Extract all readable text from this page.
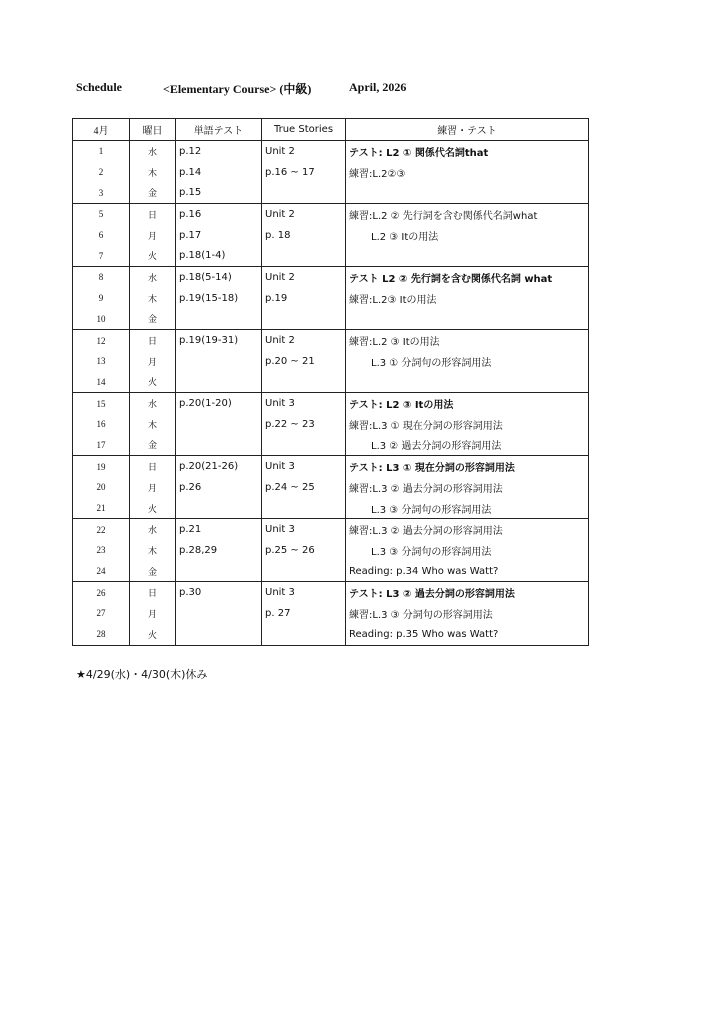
Schedule	<Elementary Course> (中級)	April, 2026
4月	曜日	単語テスト	True Stories	練習・テスト
1	水	p.12	Unit 2	テスト: L2 ① 関係代名詞that
2	木	p.14	p.16 ~ 17	練習:L.2②③
3	金	p.15		
5	日	p.16	Unit 2	練習:L.2 ② 先行詞を含む関係代名詞what
6	月	p.17	p. 18	L.2 ③ Itの用法
7	火	p.18(1-4)		
8	水	p.18(5-14)	Unit 2	テスト L2 ② 先行詞を含む関係代名詞 what
9	木	p.19(15-18)	p.19	練習:L.2③ Itの用法
10	金			
12	日	p.19(19-31)	Unit 2	練習:L.2 ③ Itの用法
13	月		p.20 ~ 21	L.3 ① 分詞句の形容詞用法
14	火			
15	水	p.20(1-20)	Unit 3	テスト: L2 ③ Itの用法
16	木		p.22 ~ 23	練習:L.3 ① 現在分詞の形容詞用法
17	金			L.3 ② 過去分詞の形容詞用法
19	日	p.20(21-26)	Unit 3	テスト: L3 ① 現在分詞の形容詞用法
20	月	p.26	p.24 ~ 25	練習:L.3 ② 過去分詞の形容詞用法
21	火			L.3 ③ 分詞句の形容詞用法
22	水	p.21	Unit 3	練習:L.3 ② 過去分詞の形容詞用法
23	木	p.28,29	p.25 ~ 26	L.3 ③ 分詞句の形容詞用法
24	金			Reading: p.34 Who was Watt?
26	日	p.30	Unit 3	テスト: L3 ② 過去分詞の形容詞用法
27	月		p. 27	練習:L.3 ③ 分詞句の形容詞用法
28	火			Reading: p.35 Who was Watt?
★4/29(水)・4/30(木)休み
